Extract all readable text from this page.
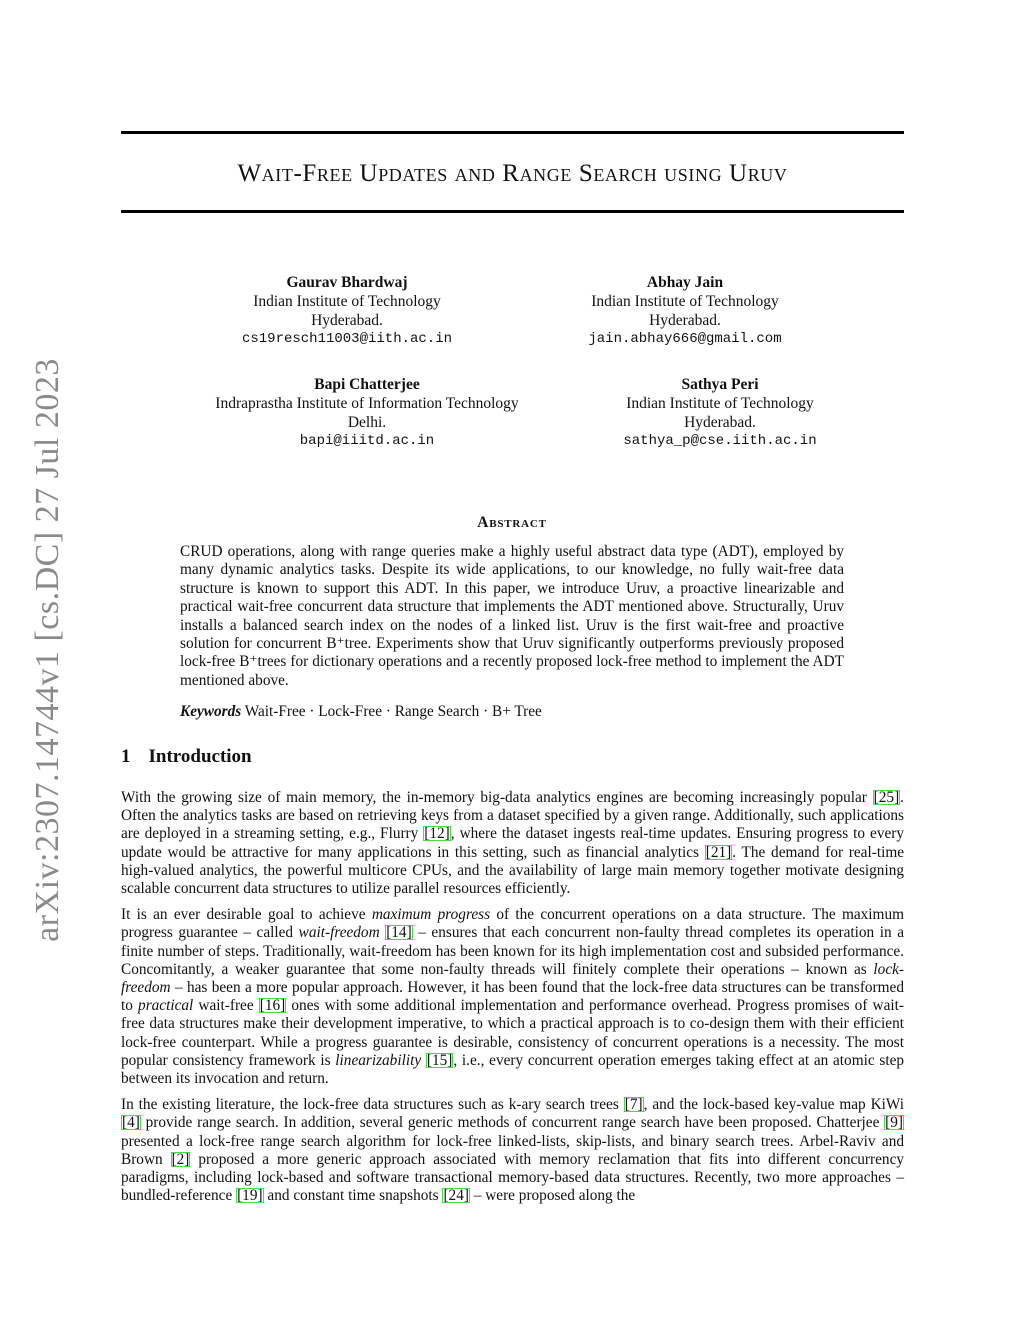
arXiv:2307.14744v1 [cs.DC] 27 Jul 2023
Wait-Free Updates and Range Search using Uruv
Gaurav Bhardwaj
Indian Institute of Technology
Hyderabad.
cs19resch11003@iith.ac.in
Abhay Jain
Indian Institute of Technology
Hyderabad.
jain.abhay666@gmail.com
Bapi Chatterjee
Indraprastha Institute of Information Technology
Delhi.
bapi@iiitd.ac.in
Sathya Peri
Indian Institute of Technology
Hyderabad.
sathya_p@cse.iith.ac.in
Abstract
CRUD operations, along with range queries make a highly useful abstract data type (ADT), employed by many dynamic analytics tasks. Despite its wide applications, to our knowledge, no fully wait-free data structure is known to support this ADT. In this paper, we introduce Uruv, a proactive linearizable and practical wait-free concurrent data structure that implements the ADT mentioned above. Structurally, Uruv installs a balanced search index on the nodes of a linked list. Uruv is the first wait-free and proactive solution for concurrent B⁺tree. Experiments show that Uruv significantly outperforms previously proposed lock-free B⁺trees for dictionary operations and a recently proposed lock-free method to implement the ADT mentioned above.
Keywords Wait-Free · Lock-Free · Range Search · B+ Tree
1 Introduction

With the growing size of main memory, the in-memory big-data analytics engines are becoming increasingly popular [25]. Often the analytics tasks are based on retrieving keys from a dataset specified by a given range. Additionally, such applications are deployed in a streaming setting, e.g., Flurry [12], where the dataset ingests real-time updates. Ensuring progress to every update would be attractive for many applications in this setting, such as financial analytics [21]. The demand for real-time high-valued analytics, the powerful multicore CPUs, and the availability of large main memory together motivate designing scalable concurrent data structures to utilize parallel resources efficiently.

It is an ever desirable goal to achieve maximum progress of the concurrent operations on a data structure. The maximum progress guarantee – called wait-freedom [14] – ensures that each concurrent non-faulty thread completes its operation in a finite number of steps. Traditionally, wait-freedom has been known for its high implementation cost and subsided performance. Concomitantly, a weaker guarantee that some non-faulty threads will finitely complete their operations – known as lock-freedom – has been a more popular approach. However, it has been found that the lock-free data structures can be transformed to practical wait-free [16] ones with some additional implementation and performance overhead. Progress promises of wait-free data structures make their development imperative, to which a practical approach is to co-design them with their efficient lock-free counterpart. While a progress guarantee is desirable, consistency of concurrent operations is a necessity. The most popular consistency framework is linearizability [15], i.e., every concurrent operation emerges taking effect at an atomic step between its invocation and return.

In the existing literature, the lock-free data structures such as k-ary search trees [7], and the lock-based key-value map KiWi [4] provide range search. In addition, several generic methods of concurrent range search have been proposed. Chatterjee [9] presented a lock-free range search algorithm for lock-free linked-lists, skip-lists, and binary search trees. Arbel-Raviv and Brown [2] proposed a more generic approach associated with memory reclamation that fits into different concurrency paradigms, including lock-based and software transactional memory-based data structures. Recently, two more approaches – bundled-reference [19] and constant time snapshots [24] – were proposed along the
